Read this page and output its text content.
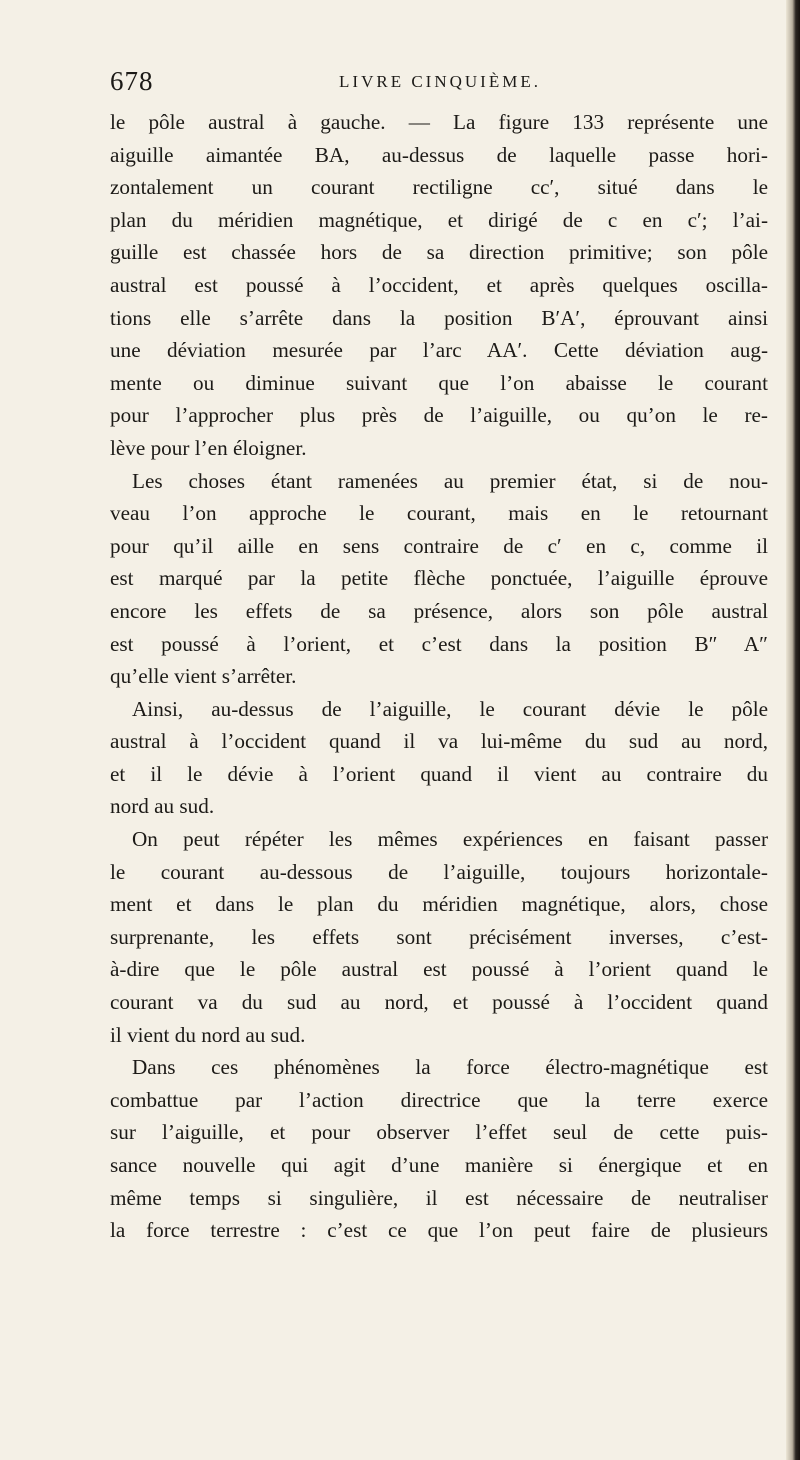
678	LIVRE CINQUIÈME.
le pôle austral à gauche. — La figure 133 représente une
aiguille aimantée BA, au-dessus de laquelle passe hori-
zontalement un courant rectiligne cc′, situé dans le
plan du méridien magnétique, et dirigé de c en c′; l’ai-
guille est chassée hors de sa direction primitive; son pôle
austral est poussé à l’occident, et après quelques oscilla-
tions elle s’arrête dans la position B′A′, éprouvant ainsi
une déviation mesurée par l’arc AA′. Cette déviation aug-
mente ou diminue suivant que l’on abaisse le courant
pour l’approcher plus près de l’aiguille, ou qu’on le re-
lève pour l’en éloigner.
Les choses étant ramenées au premier état, si de nou-
veau l’on approche le courant, mais en le retournant
pour qu’il aille en sens contraire de c′ en c, comme il
est marqué par la petite flèche ponctuée, l’aiguille éprouve
encore les effets de sa présence, alors son pôle austral
est poussé à l’orient, et c’est dans la position B″ A″
qu’elle vient s’arrêter.
Ainsi, au-dessus de l’aiguille, le courant dévie le pôle
austral à l’occident quand il va lui-même du sud au nord,
et il le dévie à l’orient quand il vient au contraire du
nord au sud.
On peut répéter les mêmes expériences en faisant passer
le courant au-dessous de l’aiguille, toujours horizontale-
ment et dans le plan du méridien magnétique, alors, chose
surprenante, les effets sont précisément inverses, c’est-
à-dire que le pôle austral est poussé à l’orient quand le
courant va du sud au nord, et poussé à l’occident quand
il vient du nord au sud.
Dans ces phénomènes la force électro-magnétique est
combattue par l’action directrice que la terre exerce
sur l’aiguille, et pour observer l’effet seul de cette puis-
sance nouvelle qui agit d’une manière si énergique et en
même temps si singulière, il est nécessaire de neutraliser
la force terrestre : c’est ce que l’on peut faire de plusieurs
